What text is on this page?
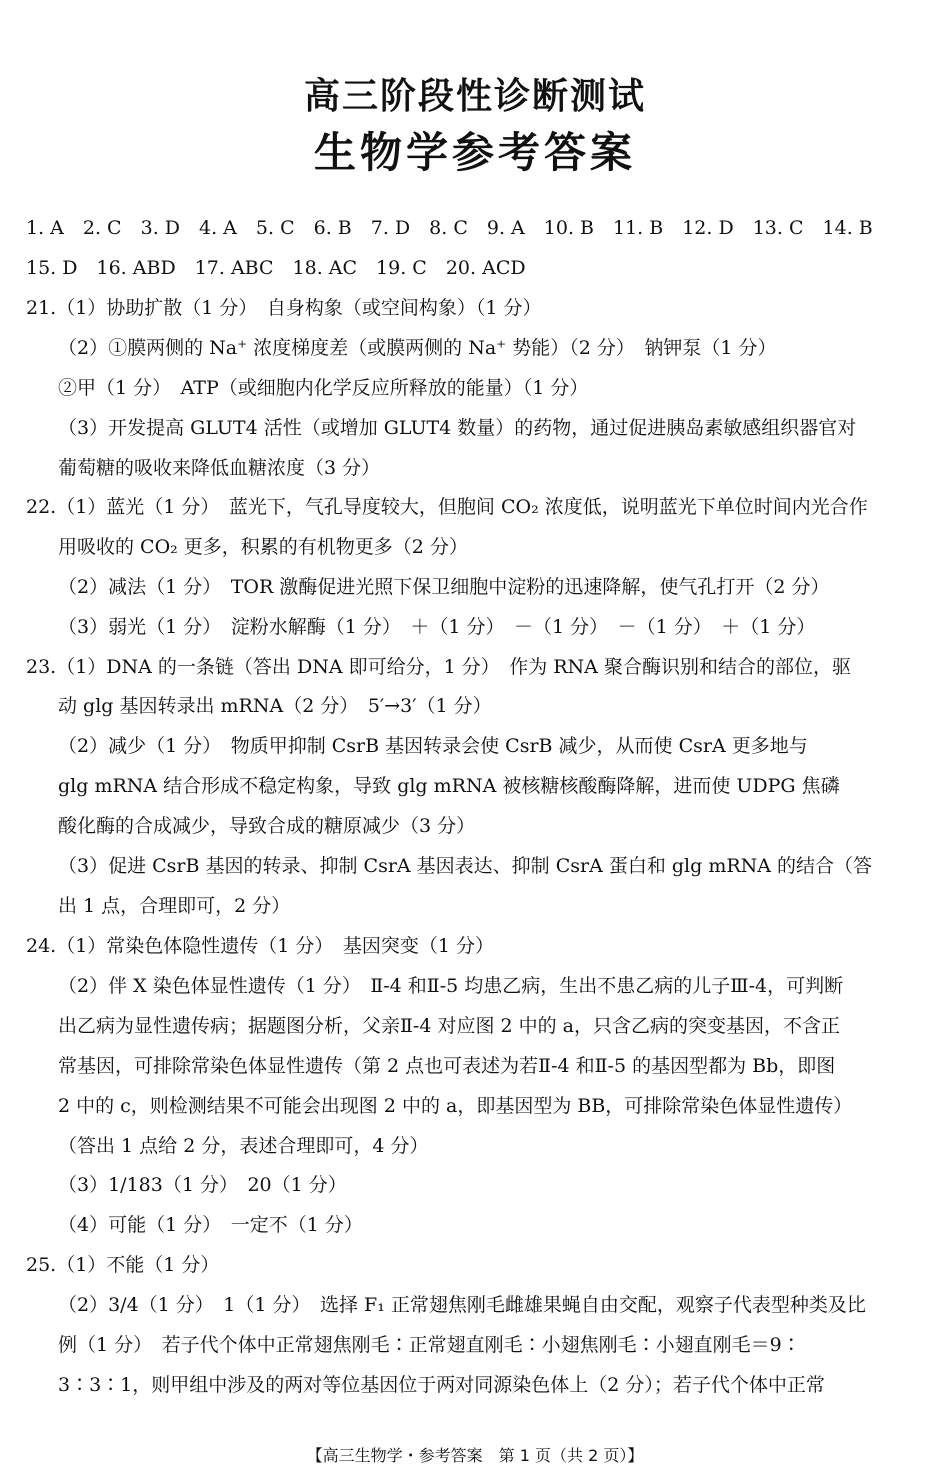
高三阶段性诊断测试
生物学参考答案
1. A 2. C 3. D 4. A 5. C 6. B 7. D 8. C 9. A 10. B 11. B 12. D 13. C 14. B
15. D 16. ABD 17. ABC 18. AC 19. C 20. ACD
21.（1）协助扩散（1 分）　自身构象（或空间构象）（1 分）
（2）①膜两侧的 Na⁺ 浓度梯度差（或膜两侧的 Na⁺ 势能）（2 分）　钠钾泵（1 分）
②甲（1 分）　ATP（或细胞内化学反应所释放的能量）（1 分）
（3）开发提高 GLUT4 活性（或增加 GLUT4 数量）的药物，通过促进胰岛素敏感组织器官对
葡萄糖的吸收来降低血糖浓度（3 分）
22.（1）蓝光（1 分）　蓝光下，气孔导度较大，但胞间 CO₂ 浓度低，说明蓝光下单位时间内光合作
用吸收的 CO₂ 更多，积累的有机物更多（2 分）
（2）减法（1 分）　TOR 激酶促进光照下保卫细胞中淀粉的迅速降解，使气孔打开（2 分）
（3）弱光（1 分）　淀粉水解酶（1 分）　＋（1 分）　－（1 分）　－（1 分）　＋（1 分）
23.（1）DNA 的一条链（答出 DNA 即可给分，1 分）　作为 RNA 聚合酶识别和结合的部位，驱
动 glg 基因转录出 mRNA（2 分）　5′→3′（1 分）
（2）减少（1 分）　物质甲抑制 CsrB 基因转录会使 CsrB 减少，从而使 CsrA 更多地与
glg mRNA 结合形成不稳定构象，导致 glg mRNA 被核糖核酸酶降解，进而使 UDPG 焦磷
酸化酶的合成减少，导致合成的糖原减少（3 分）
（3）促进 CsrB 基因的转录、抑制 CsrA 基因表达、抑制 CsrA 蛋白和 glg mRNA 的结合（答
出 1 点，合理即可，2 分）
24.（1）常染色体隐性遗传（1 分）　基因突变（1 分）
（2）伴 X 染色体显性遗传（1 分）　Ⅱ-4 和Ⅱ-5 均患乙病，生出不患乙病的儿子Ⅲ-4，可判断
出乙病为显性遗传病；据题图分析，父亲Ⅱ-4 对应图 2 中的 a，只含乙病的突变基因，不含正
常基因，可排除常染色体显性遗传（第 2 点也可表述为若Ⅱ-4 和Ⅱ-5 的基因型都为 Bb，即图
2 中的 c，则检测结果不可能会出现图 2 中的 a，即基因型为 BB，可排除常染色体显性遗传）
（答出 1 点给 2 分，表述合理即可，4 分）
（3）1/183（1 分）　20（1 分）
（4）可能（1 分）　一定不（1 分）
25.（1）不能（1 分）
（2）3/4（1 分）　1（1 分）　选择 F₁ 正常翅焦刚毛雌雄果蝇自由交配，观察子代表型种类及比
例（1 分）　若子代个体中正常翅焦刚毛∶正常翅直刚毛∶小翅焦刚毛∶小翅直刚毛＝9∶
3∶3∶1，则甲组中涉及的两对等位基因位于两对同源染色体上（2 分）；若子代个体中正常
【高三生物学・参考答案　第 1 页（共 2 页）】
